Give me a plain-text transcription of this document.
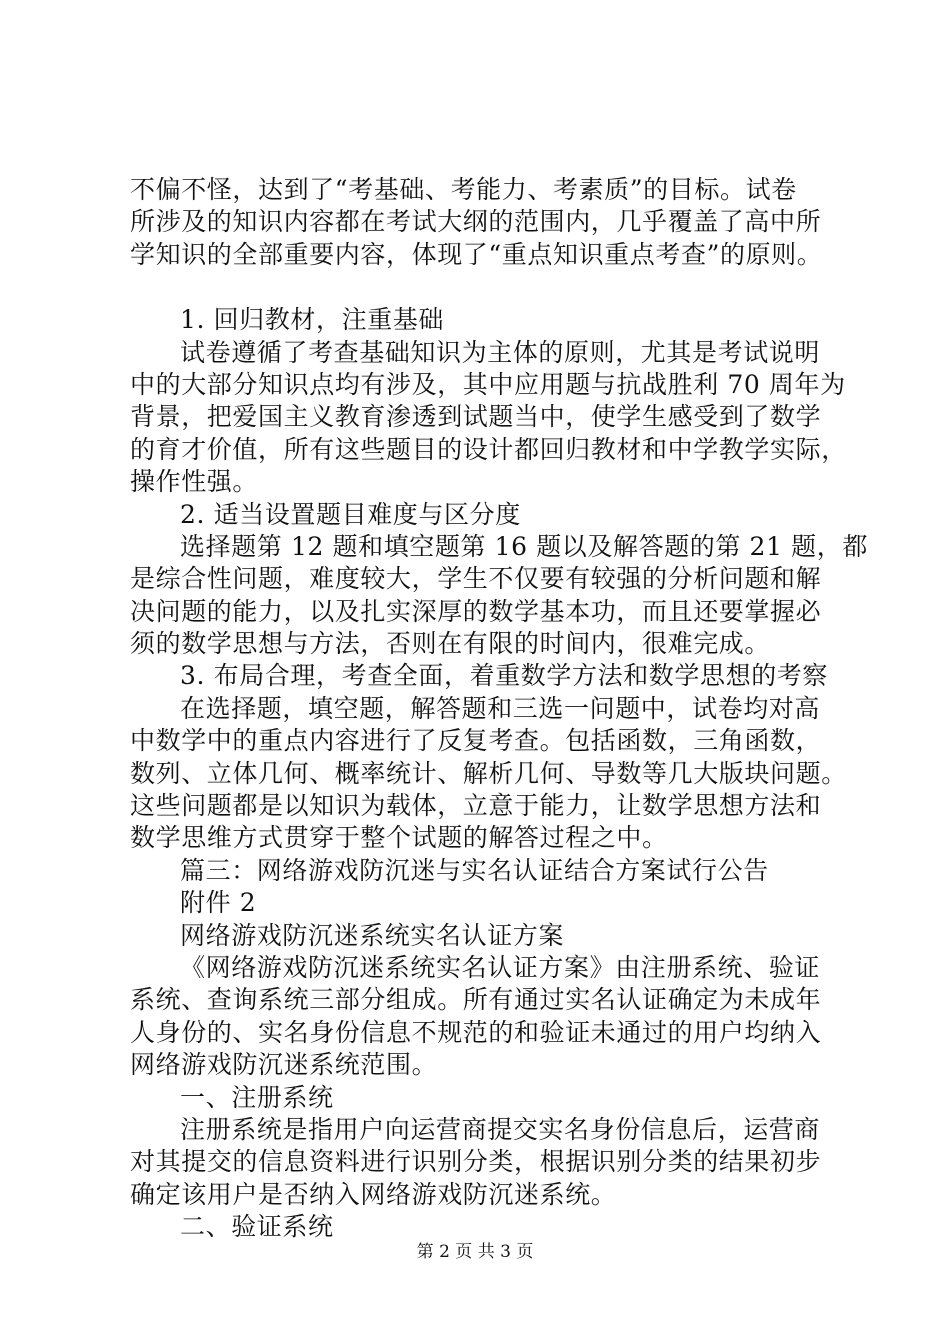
不偏不怪，达到了“考基础、考能力、考素质”的目标。试卷
所涉及的知识内容都在考试大纲的范围内，几乎覆盖了高中所
学知识的全部重要内容，体现了“重点知识重点考查”的原则。
1. 回归教材，注重基础
试卷遵循了考查基础知识为主体的原则，尤其是考试说明
中的大部分知识点均有涉及，其中应用题与抗战胜利 70 周年为
背景，把爱国主义教育渗透到试题当中，使学生感受到了数学
的育才价值，所有这些题目的设计都回归教材和中学教学实际，
操作性强。
2. 适当设置题目难度与区分度
选择题第 12 题和填空题第 16 题以及解答题的第 21 题，都
是综合性问题，难度较大，学生不仅要有较强的分析问题和解
决问题的能力，以及扎实深厚的数学基本功，而且还要掌握必
须的数学思想与方法，否则在有限的时间内，很难完成。
3. 布局合理，考查全面，着重数学方法和数学思想的考察
在选择题，填空题，解答题和三选一问题中，试卷均对高
中数学中的重点内容进行了反复考查。包括函数，三角函数，
数列、立体几何、概率统计、解析几何、导数等几大版块问题。
这些问题都是以知识为载体，立意于能力，让数学思想方法和
数学思维方式贯穿于整个试题的解答过程之中。
篇三：网络游戏防沉迷与实名认证结合方案试行公告
附件 2
网络游戏防沉迷系统实名认证方案
《网络游戏防沉迷系统实名认证方案》由注册系统、验证
系统、查询系统三部分组成。所有通过实名认证确定为未成年
人身份的、实名身份信息不规范的和验证未通过的用户均纳入
网络游戏防沉迷系统范围。
一、注册系统
注册系统是指用户向运营商提交实名身份信息后，运营商
对其提交的信息资料进行识别分类，根据识别分类的结果初步
确定该用户是否纳入网络游戏防沉迷系统。
二、验证系统
第 2 页 共 3 页
